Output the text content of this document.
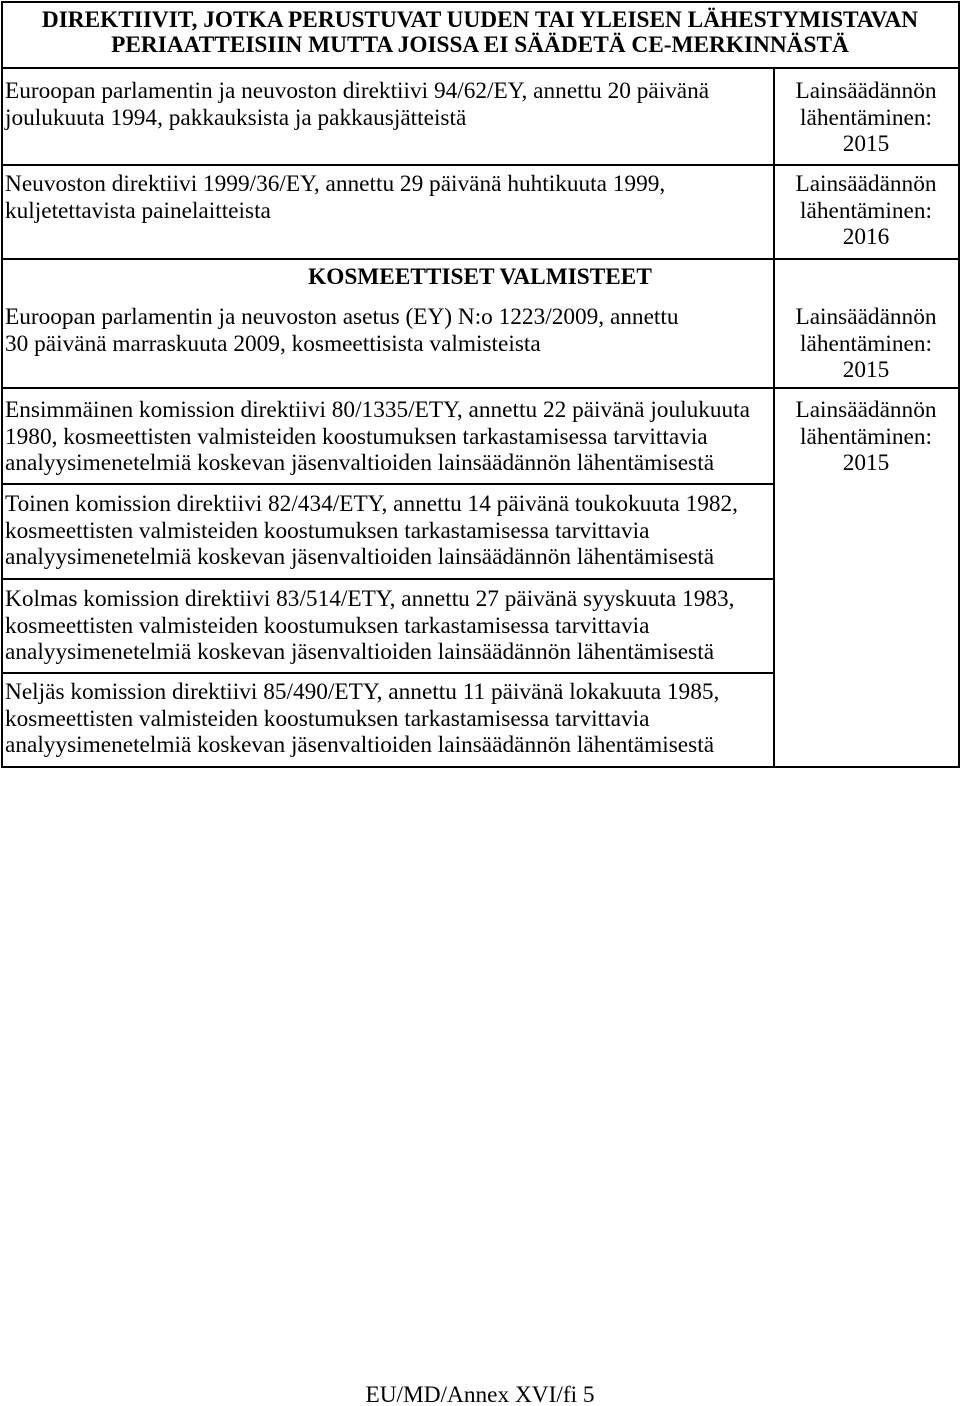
DIREKTIIVIT, JOTKA PERUSTUVAT UUDEN TAI YLEISEN LÄHESTYMISTAVAN
PERIAATTEISIIN MUTTA JOISSA EI SÄÄDETÄ CE-MERKINNÄSTÄ
Euroopan parlamentin ja neuvoston direktiivi 94/62/EY, annettu 20 päivänä
joulukuuta 1994, pakkauksista ja pakkausjätteistä
Lainsäädännön
lähentäminen:
2015
Neuvoston direktiivi 1999/36/EY, annettu 29 päivänä huhtikuuta 1999,
kuljetettavista painelaitteista
Lainsäädännön
lähentäminen:
2016
KOSMEETTISET VALMISTEET
Euroopan parlamentin ja neuvoston asetus (EY) N:o 1223/2009, annettu
30 päivänä marraskuuta 2009, kosmeettisista valmisteista
Lainsäädännön
lähentäminen:
2015
Ensimmäinen komission direktiivi 80/1335/ETY, annettu 22 päivänä joulukuuta
1980, kosmeettisten valmisteiden koostumuksen tarkastamisessa tarvittavia
analyysimenetelmiä koskevan jäsenvaltioiden lainsäädännön lähentämisestä
Toinen komission direktiivi 82/434/ETY, annettu 14 päivänä toukokuuta 1982,
kosmeettisten valmisteiden koostumuksen tarkastamisessa tarvittavia
analyysimenetelmiä koskevan jäsenvaltioiden lainsäädännön lähentämisestä
Kolmas komission direktiivi 83/514/ETY, annettu 27 päivänä syyskuuta 1983,
kosmeettisten valmisteiden koostumuksen tarkastamisessa tarvittavia
analyysimenetelmiä koskevan jäsenvaltioiden lainsäädännön lähentämisestä
Neljäs komission direktiivi 85/490/ETY, annettu 11 päivänä lokakuuta 1985,
kosmeettisten valmisteiden koostumuksen tarkastamisessa tarvittavia
analyysimenetelmiä koskevan jäsenvaltioiden lainsäädännön lähentämisestä
Lainsäädännön
lähentäminen:
2015
EU/MD/Annex XVI/fi 5
